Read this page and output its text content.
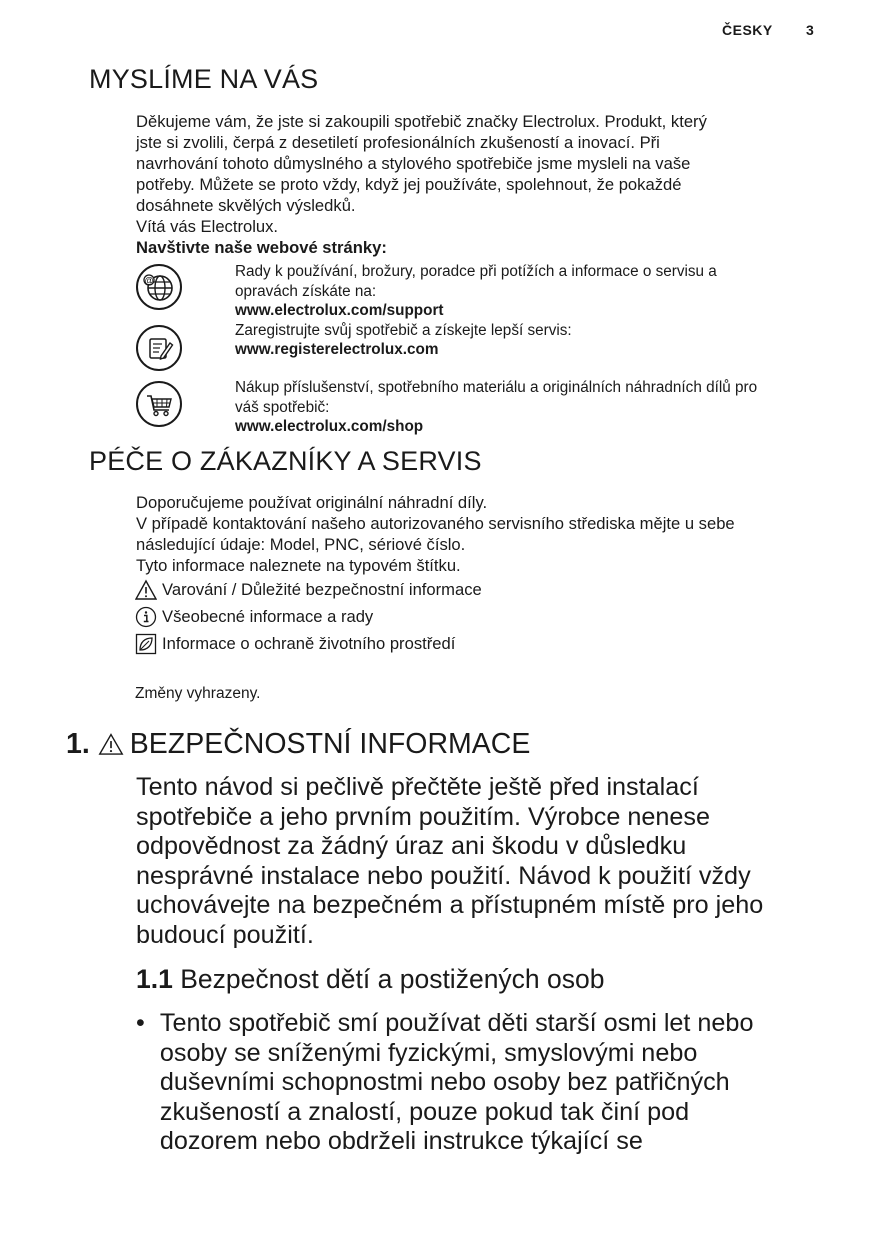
ČESKY 3
MYSLÍME NA VÁS

Děkujeme vám, že jste si zakoupili spotřebič značky Electrolux. Produkt, který

jste si zvolili, čerpá z desetiletí profesionálních zkušeností a inovací. Při

navrhování tohoto důmyslného a stylového spotřebiče jsme mysleli na vaše

potřeby. Můžete se proto vždy, když jej používáte, spolehnout, že pokaždé

dosáhnete skvělých výsledků.

Vítá vás Electrolux.

Navštivte naše webové stránky:

@
Rady k používání, brožury, poradce při potížích a informace o servisu a
opravách získáte na:
www.electrolux.com/support
Zaregistrujte svůj spotřebič a získejte lepší servis:
www.registerelectrolux.com
Nákup příslušenství, spotřebního materiálu a originálních náhradních dílů pro
váš spotřebič:
www.electrolux.com/shop
PÉČE O ZÁKAZNÍKY A SERVIS

Doporučujeme používat originální náhradní díly.

V případě kontaktování našeho autorizovaného servisního střediska mějte u sebe

následující údaje: Model, PNC, sériové číslo.

Tyto informace naleznete na typovém štítku.

Varování / Důležité bezpečnostní informace
Všeobecné informace a rady
Informace o ochraně životního prostředí
Změny vyhrazeny.
1. BEZPEČNOSTNÍ INFORMACE

Tento návod si pečlivě přečtěte ještě před instalací

spotřebiče a jeho prvním použitím. Výrobce nenese

odpovědnost za žádný úraz ani škodu v důsledku

nesprávné instalace nebo použití. Návod k použití vždy

uchovávejte na bezpečném a přístupném místě pro jeho

budoucí použití.

1.1 Bezpečnost dětí a postižených osob
• Tento spotřebič smí používat děti starší osmi let nebo

osoby se sníženými fyzickými, smyslovými nebo

duševními schopnostmi nebo osoby bez patřičných

zkušeností a znalostí, pouze pokud tak činí pod

dozorem nebo obdrželi instrukce týkající se
